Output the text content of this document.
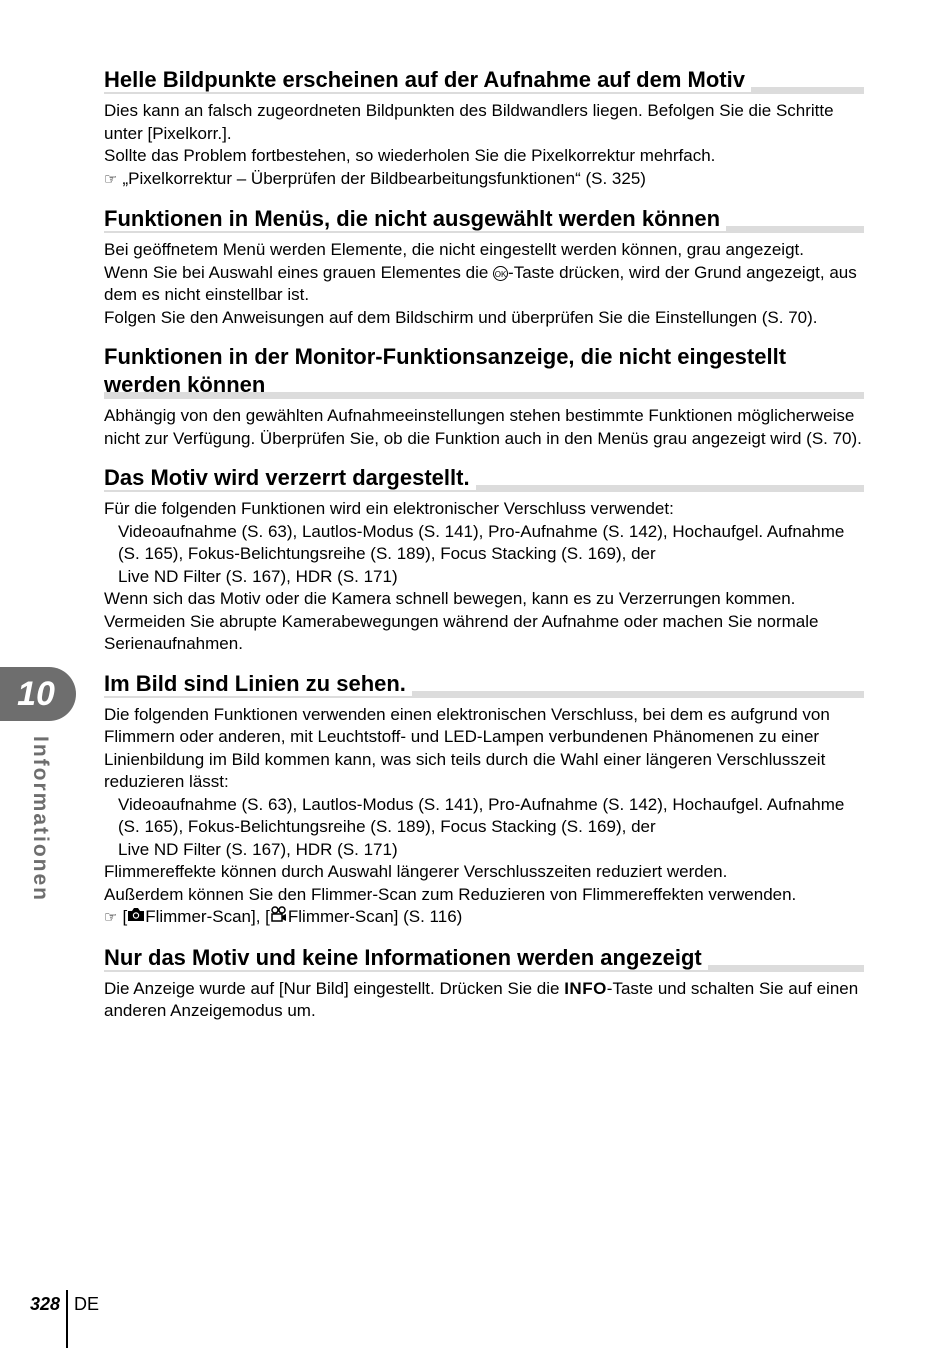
Helle Bildpunkte erscheinen auf der Aufnahme auf dem Motiv

Dies kann an falsch zugeordneten Bildpunkten des Bildwandlers liegen. Befolgen Sie die Schritte unter [Pixelkorr.].

Sollte das Problem fortbestehen, so wiederholen Sie die Pixelkorrektur mehrfach.

☞ „Pixelkorrektur – Überprüfen der Bildbearbeitungsfunktionen“ (S. 325)

Funktionen in Menüs, die nicht ausgewählt werden können

Bei geöffnetem Menü werden Elemente, die nicht eingestellt werden können, grau angezeigt.

Wenn Sie bei Auswahl eines grauen Elementes die OK -Taste drücken, wird der Grund angezeigt, aus dem es nicht einstellbar ist.

Folgen Sie den Anweisungen auf dem Bildschirm und überprüfen Sie die Einstellungen (S. 70).

Funktionen in der Monitor-Funktionsanzeige, die nicht eingestellt werden können

Abhängig von den gewählten Aufnahmeeinstellungen stehen bestimmte Funktionen möglicherweise nicht zur Verfügung. Überprüfen Sie, ob die Funktion auch in den Menüs grau angezeigt wird (S. 70).

Das Motiv wird verzerrt dargestellt.

Für die folgenden Funktionen wird ein elektronischer Verschluss verwendet:

Videoaufnahme (S. 63), Lautlos-Modus (S. 141), Pro-Aufnahme (S. 142), Hochaufgel. Aufnahme (S. 165), Fokus-Belichtungsreihe (S. 189), Focus Stacking (S. 169), der

Live ND Filter (S. 167), HDR (S. 171)

Wenn sich das Motiv oder die Kamera schnell bewegen, kann es zu Verzerrungen kommen. Vermeiden Sie abrupte Kamerabewegungen während der Aufnahme oder machen Sie normale Serienaufnahmen.

Im Bild sind Linien zu sehen.

Die folgenden Funktionen verwenden einen elektronischen Verschluss, bei dem es aufgrund von Flimmern oder anderen, mit Leuchtstoff- und LED-Lampen verbundenen Phänomenen zu einer Linienbildung im Bild kommen kann, was sich teils durch die Wahl einer längeren Verschlusszeit reduzieren lässt:

Videoaufnahme (S. 63), Lautlos-Modus (S. 141), Pro-Aufnahme (S. 142), Hochaufgel. Aufnahme (S. 165), Fokus-Belichtungsreihe (S. 189), Focus Stacking (S. 169), der

Live ND Filter (S. 167), HDR (S. 171)

Flimmereffekte können durch Auswahl längerer Verschlusszeiten reduziert werden.

Außerdem können Sie den Flimmer-Scan zum Reduzieren von Flimmereffekten verwenden.

☞ [ Flimmer-Scan], [ Flimmer-Scan] (S. 116)

Nur das Motiv und keine Informationen werden angezeigt

Die Anzeige wurde auf [Nur Bild] eingestellt. Drücken Sie die INFO-Taste und schalten Sie auf einen anderen Anzeigemodus um.

10
Informationen
328 DE
